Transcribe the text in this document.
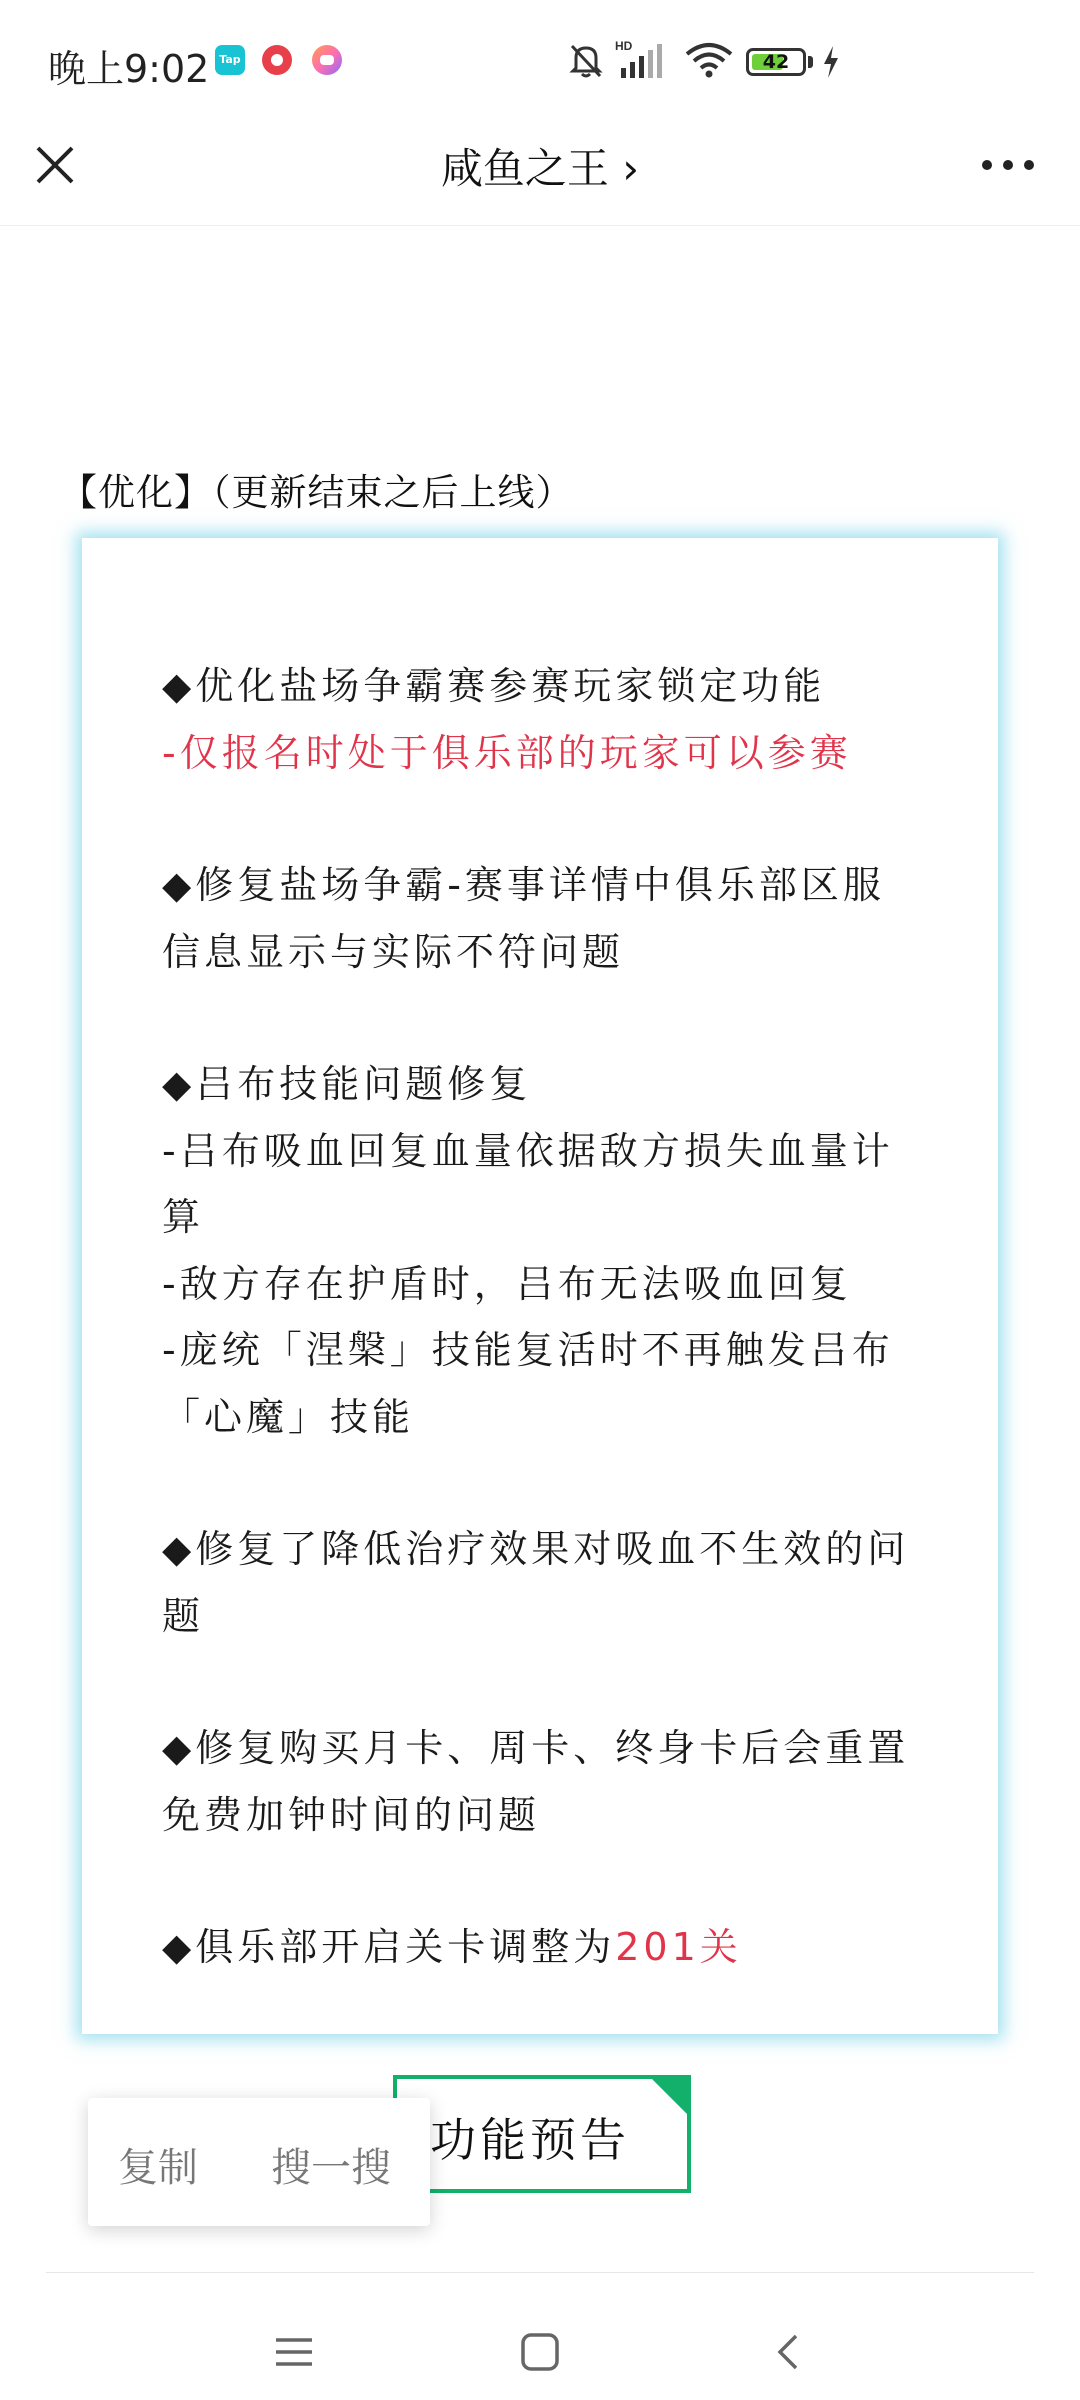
晚上9:02 Tap
HD
42
咸鱼之王 ›
【优化】（更新结束之后上线）

◆优化盐场争霸赛参赛玩家锁定功能
-仅报名时处于俱乐部的玩家可以参赛

◆修复盐场争霸-赛事详情中俱乐部区服信息显示与实际不符问题

◆吕布技能问题修复
-吕布吸血回复血量依据敌方损失血量计算
-敌方存在护盾时，吕布无法吸血回复
-庞统「涅槃」技能复活时不再触发吕布「心魔」技能

◆修复了降低治疗效果对吸血不生效的问题

◆修复购买月卡、周卡、终身卡后会重置免费加钟时间的问题

◆俱乐部开启关卡调整为201关

功能预告
复制 搜一搜
